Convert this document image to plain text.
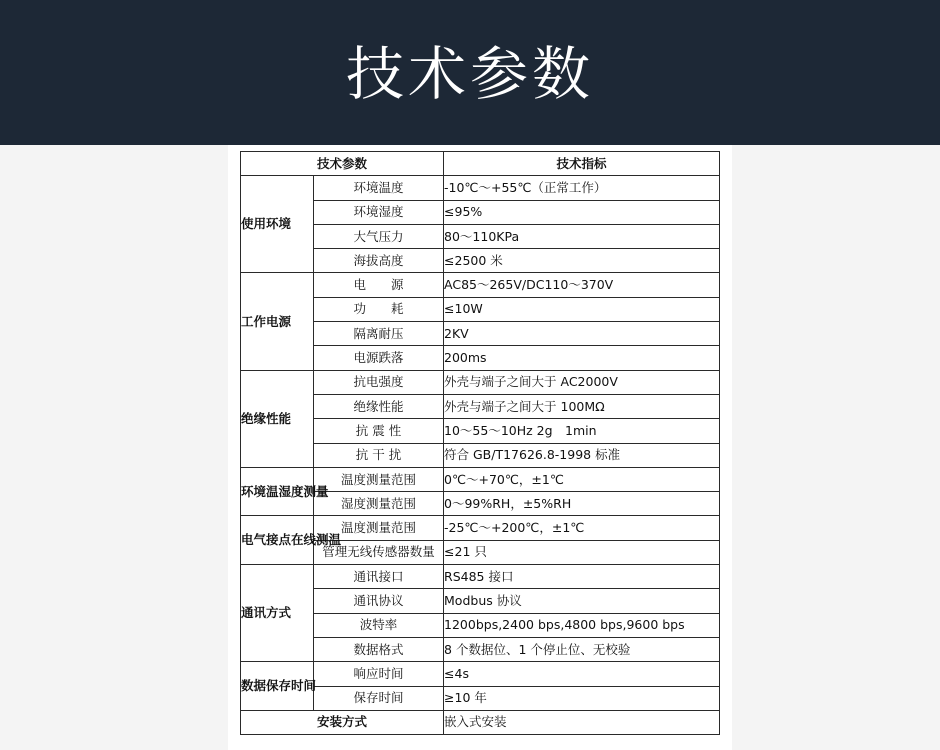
技术参数
技术参数		技术指标
使用环境	环境温度	-10℃～+55℃（正常工作）
	环境湿度	≤95%
	大气压力	80～110KPa
	海拔高度	≤2500 米
工作电源	电　　源	AC85～265V/DC110～370V
	功　　耗	≤10W
	隔离耐压	2KV
	电源跌落	200ms
绝缘性能	抗电强度	外壳与端子之间大于 AC2000V
	绝缘性能	外壳与端子之间大于 100MΩ
	抗 震 性	10～55～10Hz 2g　1min
	抗 干 扰	符合 GB/T17626.8-1998 标准
环境温湿度测量	温度测量范围	0℃～+70℃，±1℃
	湿度测量范围	0～99%RH，±5%RH
电气接点在线测温	温度测量范围	-25℃～+200℃，±1℃
	管理无线传感器数量	≤21 只
通讯方式	通讯接口	RS485 接口
	通讯协议	Modbus 协议
	波特率	1200bps,2400 bps,4800 bps,9600 bps
	数据格式	8 个数据位、1 个停止位、无校验
数据保存时间	响应时间	≤4s
	保存时间	≥10 年
安装方式		嵌入式安装
